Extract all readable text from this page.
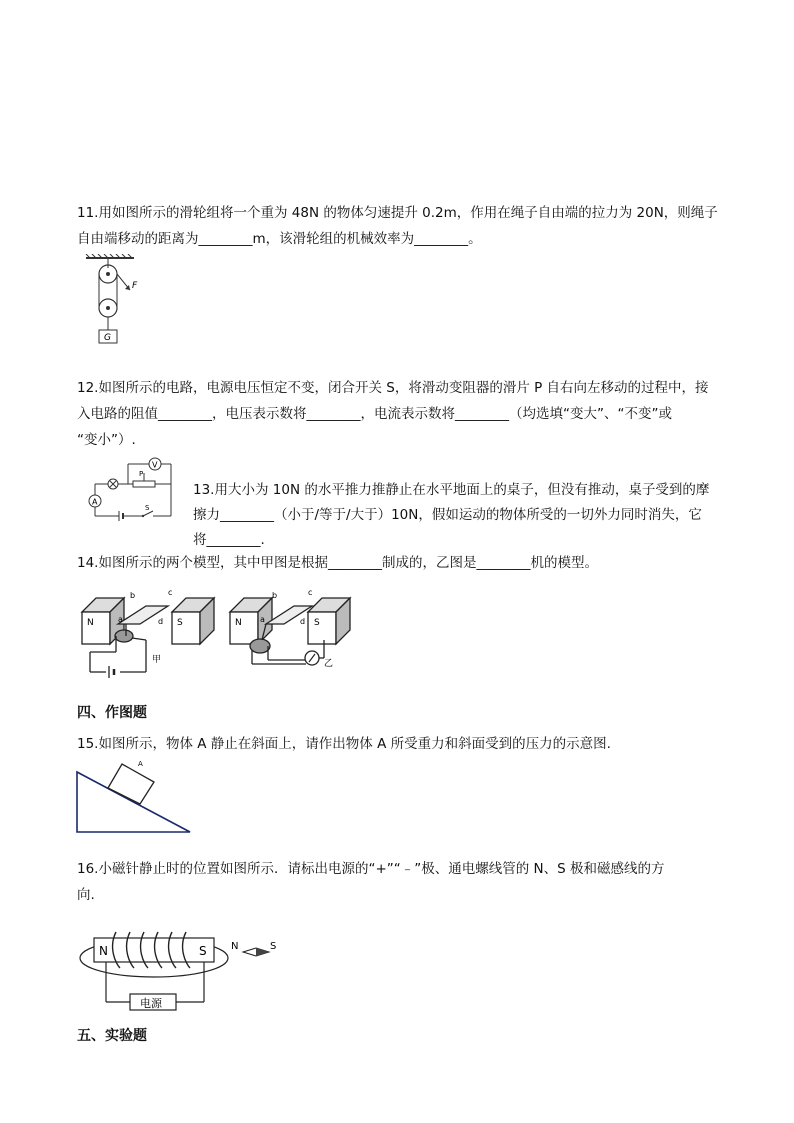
11.用如图所示的滑轮组将一个重为 48N 的物体匀速提升 0.2m，作用在绳子自由端的拉力为 20N，则绳子
自由端移动的距离为________m，该滑轮组的机械效率为________。
F
G
12.如图所示的电路，电源电压恒定不变，闭合开关 S，将滑动变阻器的滑片 P 自右向左移动的过程中，接
入电路的阻值________，电压表示数将________，电流表示数将________（均选填“变大”、“不变”或
“变小”）.
V
P
A
S
13.用大小为 10N 的水平推力推静止在水平地面上的桌子，但没有推动，桌子受到的摩
擦力________（小于/等于/大于）10N，假如运动的物体所受的一切外力同时消失，它
将________.
14.如图所示的两个模型，其中甲图是根据________制成的，乙图是________机的模型。
N	S
b	c
a	d
甲
N	S
b	c
a	d
乙
四、作图题
15.如图所示，物体 A 静止在斜面上，请作出物体 A 所受重力和斜面受到的压力的示意图.
A
16.小磁针静止时的位置如图所示．请标出电源的“+”“﹣”极、通电螺线管的 N、S 极和磁感线的方
向.
N	S
电源
N	S
五、实验题
